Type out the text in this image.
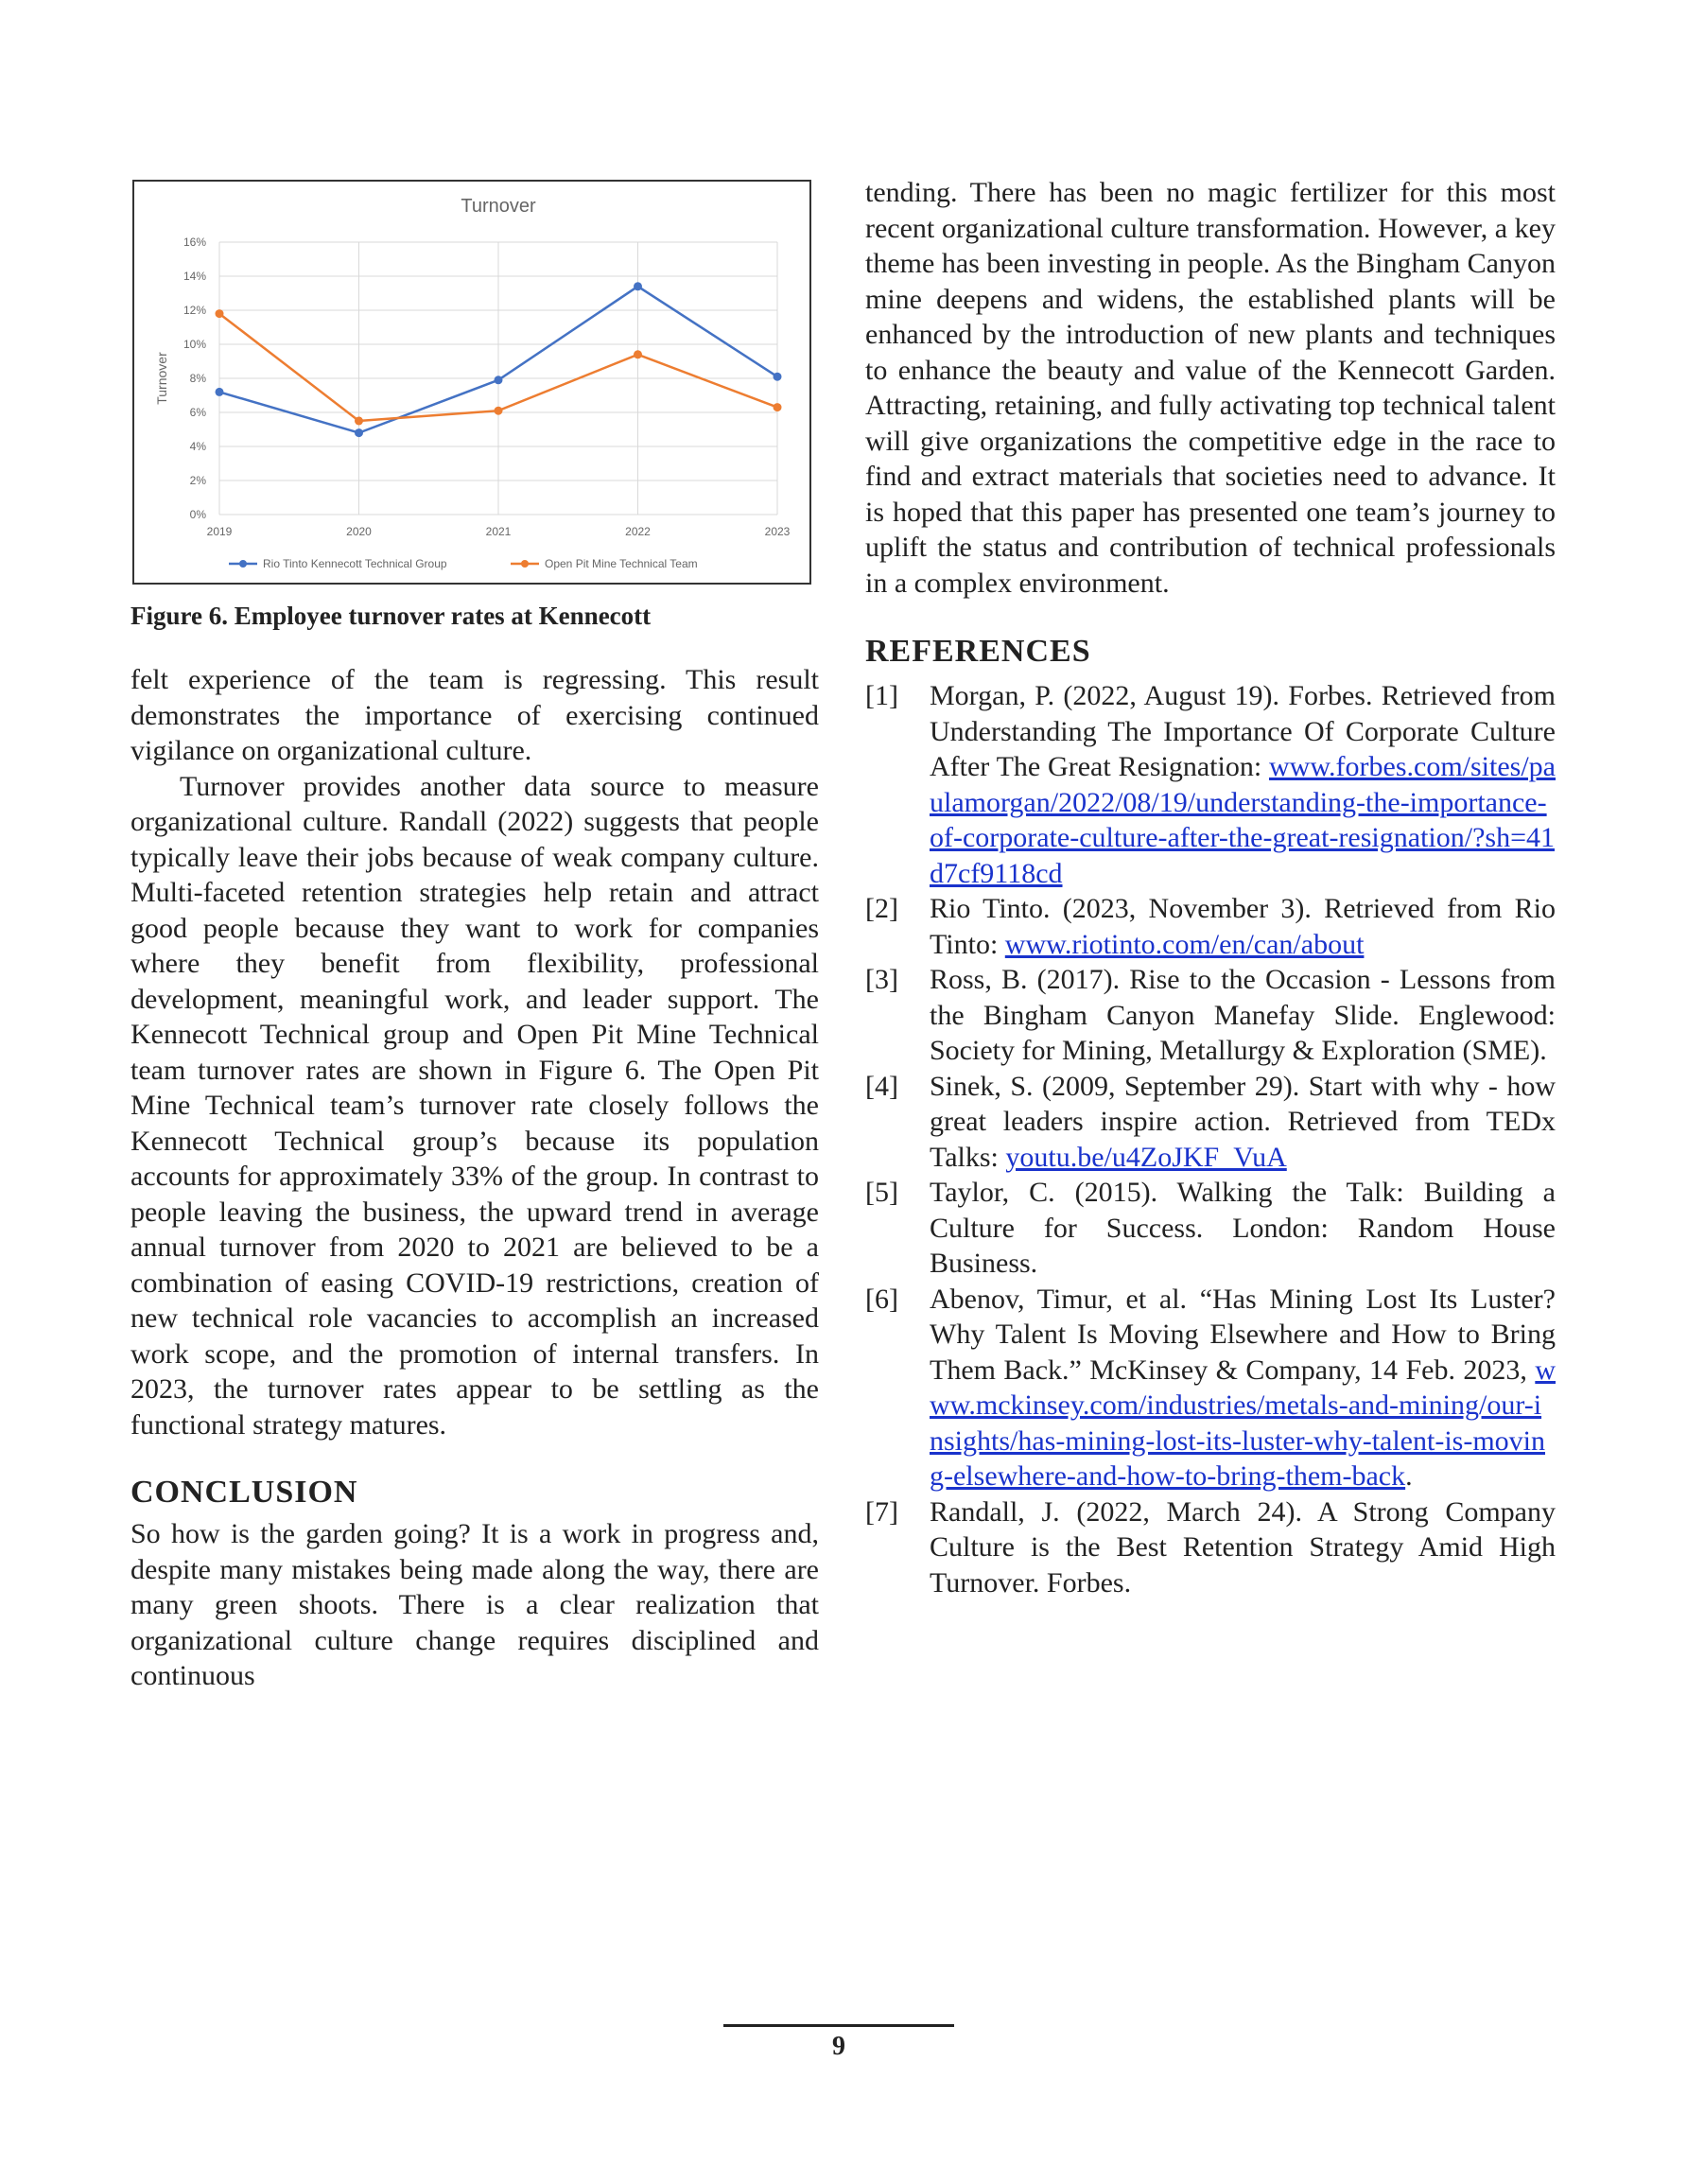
Turnover
0%
2%
4%
6%
8%
10%
12%
14%
16%
2019	2020	2021	2022	2023
Turnover
Rio Tinto Kennecott Technical Group	Open Pit Mine Technical Team
Figure 6. Employee turnover rates at Kennecott

felt experience of the team is regressing. This result demonstrates the importance of exercising continued vigilance on organizational culture.

Turnover provides another data source to measure organizational culture. Randall (2022) suggests that people typically leave their jobs because of weak company culture. Multi-faceted retention strategies help retain and attract good people because they want to work for companies where they benefit from flexibility, professional development, meaningful work, and leader support. The Kennecott Technical group and Open Pit Mine Technical team turnover rates are shown in Figure 6. The Open Pit Mine Technical team’s turnover rate closely follows the Kennecott Technical group’s because its population accounts for approximately 33% of the group. In contrast to people leaving the business, the upward trend in average annual turnover from 2020 to 2021 are believed to be a combination of easing COVID-19 restrictions, creation of new technical role vacancies to accomplish an increased work scope, and the promotion of internal transfers. In 2023, the turnover rates appear to be settling as the functional strategy matures.

CONCLUSION

So how is the garden going? It is a work in progress and, despite many mistakes being made along the way, there are many green shoots. There is a clear realization that organizational culture change requires disciplined and continuous

tending. There has been no magic fertilizer for this most recent organizational culture transformation. However, a key theme has been investing in people. As the Bingham Canyon mine deepens and widens, the established plants will be enhanced by the introduction of new plants and techniques to enhance the beauty and value of the Kennecott Garden. Attracting, retaining, and fully activating top technical talent will give organizations the competitive edge in the race to find and extract materials that societies need to advance. It is hoped that this paper has presented one team’s journey to uplift the status and contribution of technical professionals in a complex environment.

REFERENCES
[1]	Morgan, P. (2022, August 19). Forbes. Retrieved from Understanding The Importance Of Corporate Culture After The Great Resignation: www.forbes.com/sites/paulamorgan/2022/08/19/understanding-the-importance-of-corporate-culture-after-the-great-resignation/?sh=41d7cf9118cd
[2]	Rio Tinto. (2023, November 3). Retrieved from Rio Tinto: www.riotinto.com/en/can/about
[3]	Ross, B. (2017). Rise to the Occasion - Lessons from the Bingham Canyon Manefay Slide. Englewood: Society for Mining, Metallurgy & Exploration (SME).
[4]	Sinek, S. (2009, September 29). Start with why - how great leaders inspire action. Retrieved from TEDx Talks: youtu.be/u4ZoJKF_VuA
[5]	Taylor, C. (2015). Walking the Talk: Building a Culture for Success. London: Random House Business.
[6]	Abenov, Timur, et al. “Has Mining Lost Its Luster? Why Talent Is Moving Elsewhere and How to Bring Them Back.” McKinsey & Company, 14 Feb. 2023, www.mckinsey.com/industries/metals-and-mining/our-insights/has-mining-lost-its-luster-why-talent-is-moving-elsewhere-and-how-to-bring-them-back.
[7]	Randall, J. (2022, March 24). A Strong Company Culture is the Best Retention Strategy Amid High Turnover. Forbes.
9
